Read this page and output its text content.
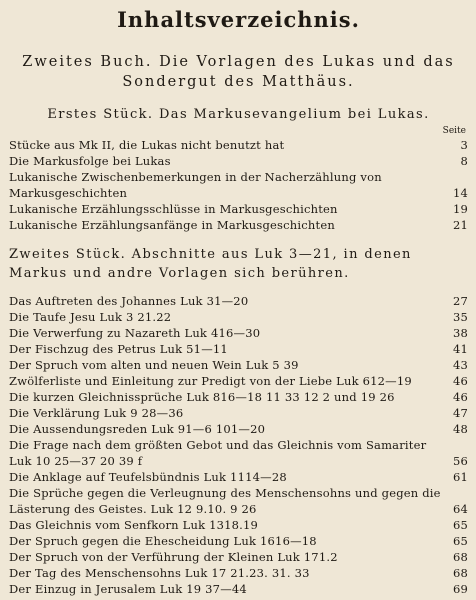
Inhaltsverzeichnis.
Zweites Buch. Die Vorlagen des Lukas und das Sondergut des Matthäus.
Erstes Stück. Das Markusevangelium bei Lukas.
Seite
Stücke aus Mk II, die Lukas nicht benutzt hat	3
Die Markusfolge bei Lukas	8
Lukanische Zwischenbemerkungen in der Nacherzählung von Markusgeschichten	14
Lukanische Erzählungsschlüsse in Markusgeschichten	19
Lukanische Erzählungsanfänge in Markusgeschichten	21
Zweites Stück. Abschnitte aus Luk 3—21, in denen Markus und andre Vorlagen sich berühren.
Das Auftreten des Johannes Luk 31—20	27
Die Taufe Jesu Luk 3 21.22	35
Die Verwerfung zu Nazareth Luk 416—30	38
Der Fischzug des Petrus Luk 51—11	41
Der Spruch vom alten und neuen Wein Luk 5 39	43
Zwölferliste und Einleitung zur Predigt von der Liebe Luk 612—19	46
Die kurzen Gleichnissprüche Luk 816—18 11 33 12 2 und 19 26	46
Die Verklärung Luk 9 28—36	47
Die Aussendungsreden Luk 91—6 101—20	48
Die Frage nach dem größten Gebot und das Gleichnis vom Samariter Luk 10 25—37 20 39 f	56
Die Anklage auf Teufelsbündnis Luk 1114—28	61
Die Sprüche gegen die Verleugnung des Menschensohns und gegen die Lästerung des Geistes. Luk 12 9.10. 9 26	64
Das Gleichnis vom Senfkorn Luk 1318.19	65
Der Spruch gegen die Ehescheidung Luk 1616—18	65
Der Spruch von der Verführung der Kleinen Luk 171.2	68
Der Tag des Menschensohns Luk 17 21.23. 31. 33	68
Der Einzug in Jerusalem Luk 19 37—44	69
